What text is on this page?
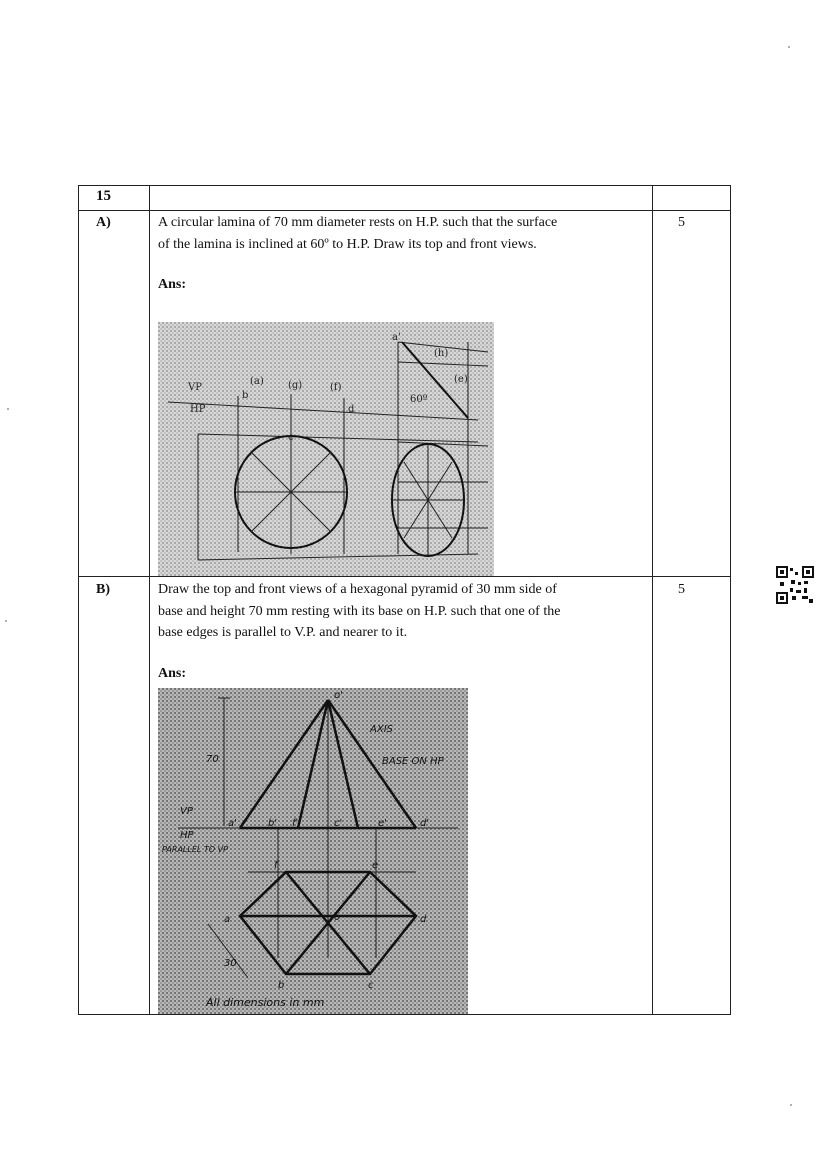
15
A)	A circular lamina of 70 mm diameter rests on H.P. such that the surface of the lamina is inclined at 60º to H.P. Draw its top and front views.
Ans:
5
VP
HP
(a) (g)	(f)
(h)
(e)
c
b
d
a'
60º
B)	Draw the top and front views of a hexagonal pyramid of 30 mm side of base and height 70 mm resting with its base on H.P. such that one of the base edges is parallel to V.P. and nearer to it.
Ans:
5
o'
AXIS
BASE ON HP
70
VP
HP
a'	b' f'	c'	e'	d'
PARALLEL TO VP
a
b	c
d
e
f
o
30
All dimensions in mm
